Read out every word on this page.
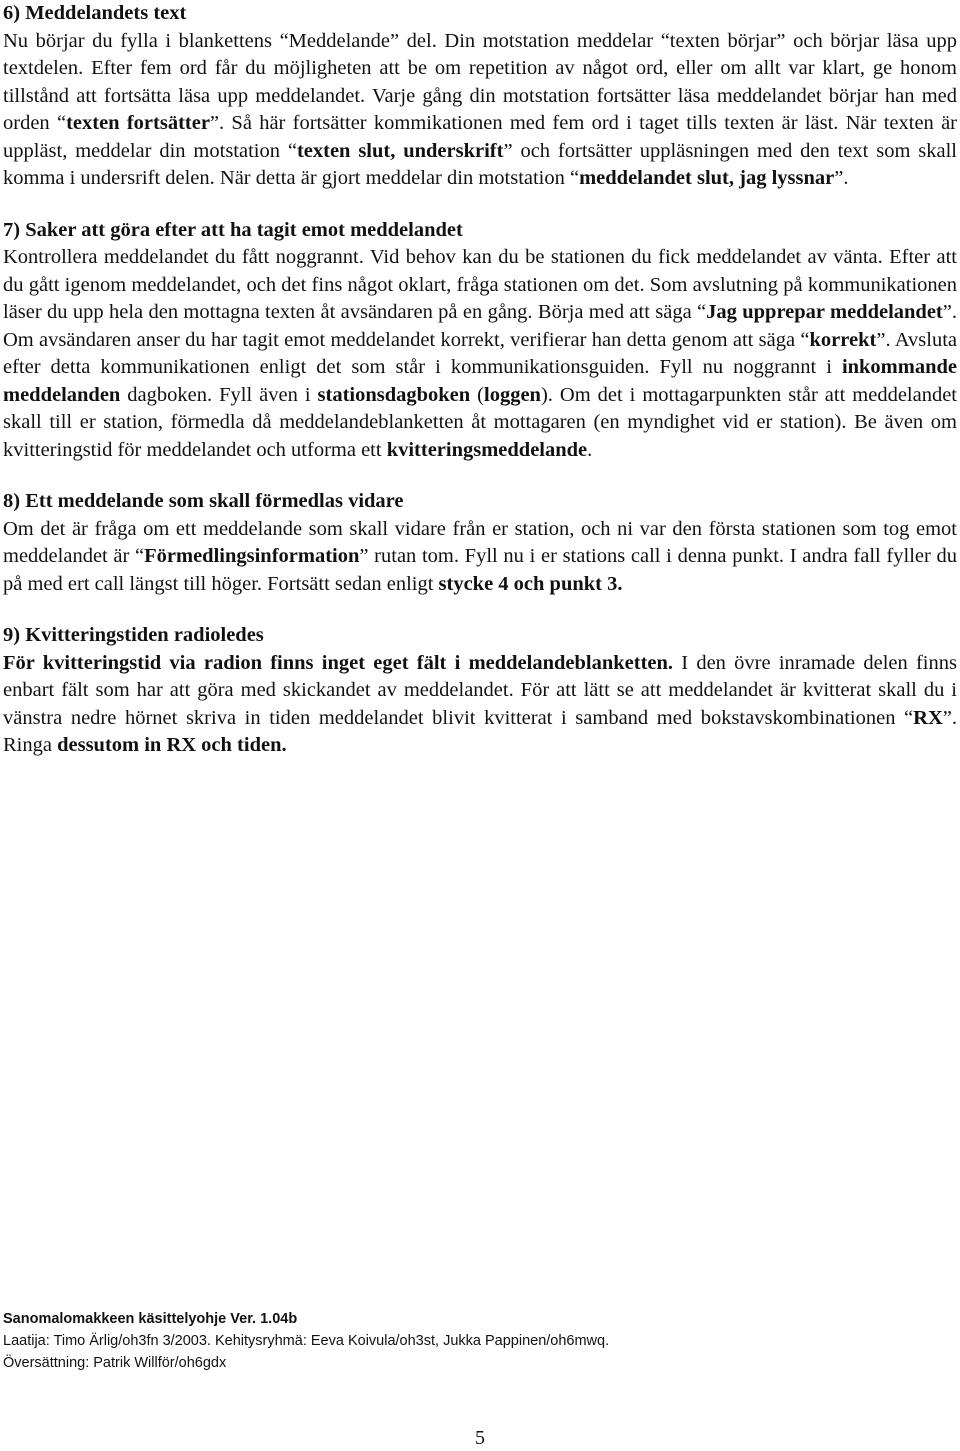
6) Meddelandets text
Nu börjar du fylla i blankettens “Meddelande” del. Din motstation meddelar “texten börjar” och börjar läsa upp textdelen. Efter fem ord får du möjligheten att be om repetition av något ord, eller om allt var klart, ge honom tillstånd att fortsätta läsa upp meddelandet. Varje gång din motstation fortsätter läsa meddelandet börjar han med orden “texten fortsätter”. Så här fortsätter kommikationen med fem ord i taget tills texten är läst. När texten är uppläst, meddelar din motstation “texten slut, underskrift” och fortsätter uppläsningen med den text som skall komma i undersrift delen. När detta är gjort meddelar din motstation “meddelandet slut, jag lyssnar”.
7) Saker att göra efter att ha tagit emot meddelandet
Kontrollera meddelandet du fått noggrannt. Vid behov kan du be stationen du fick meddelandet av vänta. Efter att du gått igenom meddelandet, och det fins något oklart, fråga stationen om det. Som avslutning på kommunikationen läser du upp hela den mottagna texten åt avsändaren på en gång. Börja med att säga “Jag upprepar meddelandet”. Om avsändaren anser du har tagit emot meddelandet korrekt, verifierar han detta genom att säga “korrekt”. Avsluta efter detta kommunikationen enligt det som står i kommunikationsguiden. Fyll nu noggrannt i inkommande meddelanden dagboken. Fyll även i stationsdagboken (loggen). Om det i mottagarpunkten står att meddelandet skall till er station, förmedla då meddelandeblanketten åt mottagaren (en myndighet vid er station). Be även om kvitteringstid för meddelandet och utforma ett kvitteringsmeddelande.
8) Ett meddelande som skall förmedlas vidare
Om det är fråga om ett meddelande som skall vidare från er station, och ni var den första stationen som tog emot meddelandet är “Förmedlingsinformation” rutan tom. Fyll nu i er stations call i denna punkt. I andra fall fyller du på med ert call längst till höger. Fortsätt sedan enligt stycke 4 och punkt 3.
9) Kvitteringstiden radioledes
För kvitteringstid via radion finns inget eget fält i meddelandeblanketten. I den övre inramade delen finns enbart fält som har att göra med skickandet av meddelandet. För att lätt se att meddelandet är kvitterat skall du i vänstra nedre hörnet skriva in tiden meddelandet blivit kvitterat i samband med bokstavskombinationen “RX”. Ringa dessutom in RX och tiden.
Sanomalomakkeen käsittelyohje Ver. 1.04b
Laatija: Timo Ärlig/oh3fn 3/2003. Kehitysryhmä: Eeva Koivula/oh3st, Jukka Pappinen/oh6mwq.
Översättning: Patrik Willför/oh6gdx
5
